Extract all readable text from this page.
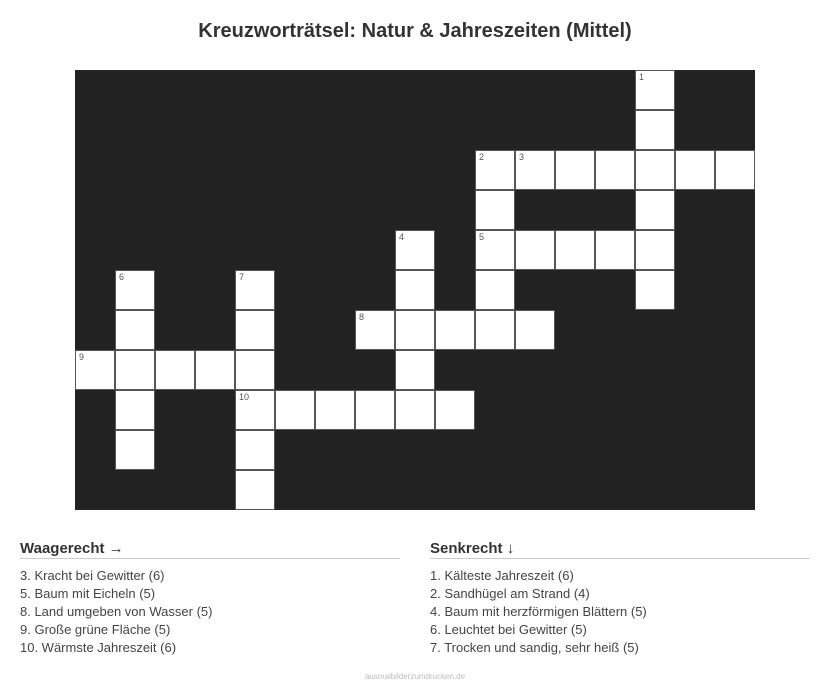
Kreuzworträtsel: Natur & Jahreszeiten (Mittel)
1
2	3
4	5
6	7
8
9
10
Waagerecht →
3. Kracht bei Gewitter (6)
5. Baum mit Eicheln (5)
8. Land umgeben von Wasser (5)
9. Große grüne Fläche (5)
10. Wärmste Jahreszeit (6)
Senkrecht ↓
1. Kälteste Jahreszeit (6)
2. Sandhügel am Strand (4)
4. Baum mit herzförmigen Blättern (5)
6. Leuchtet bei Gewitter (5)
7. Trocken und sandig, sehr heiß (5)
ausmalbilderzumdrucken.de
